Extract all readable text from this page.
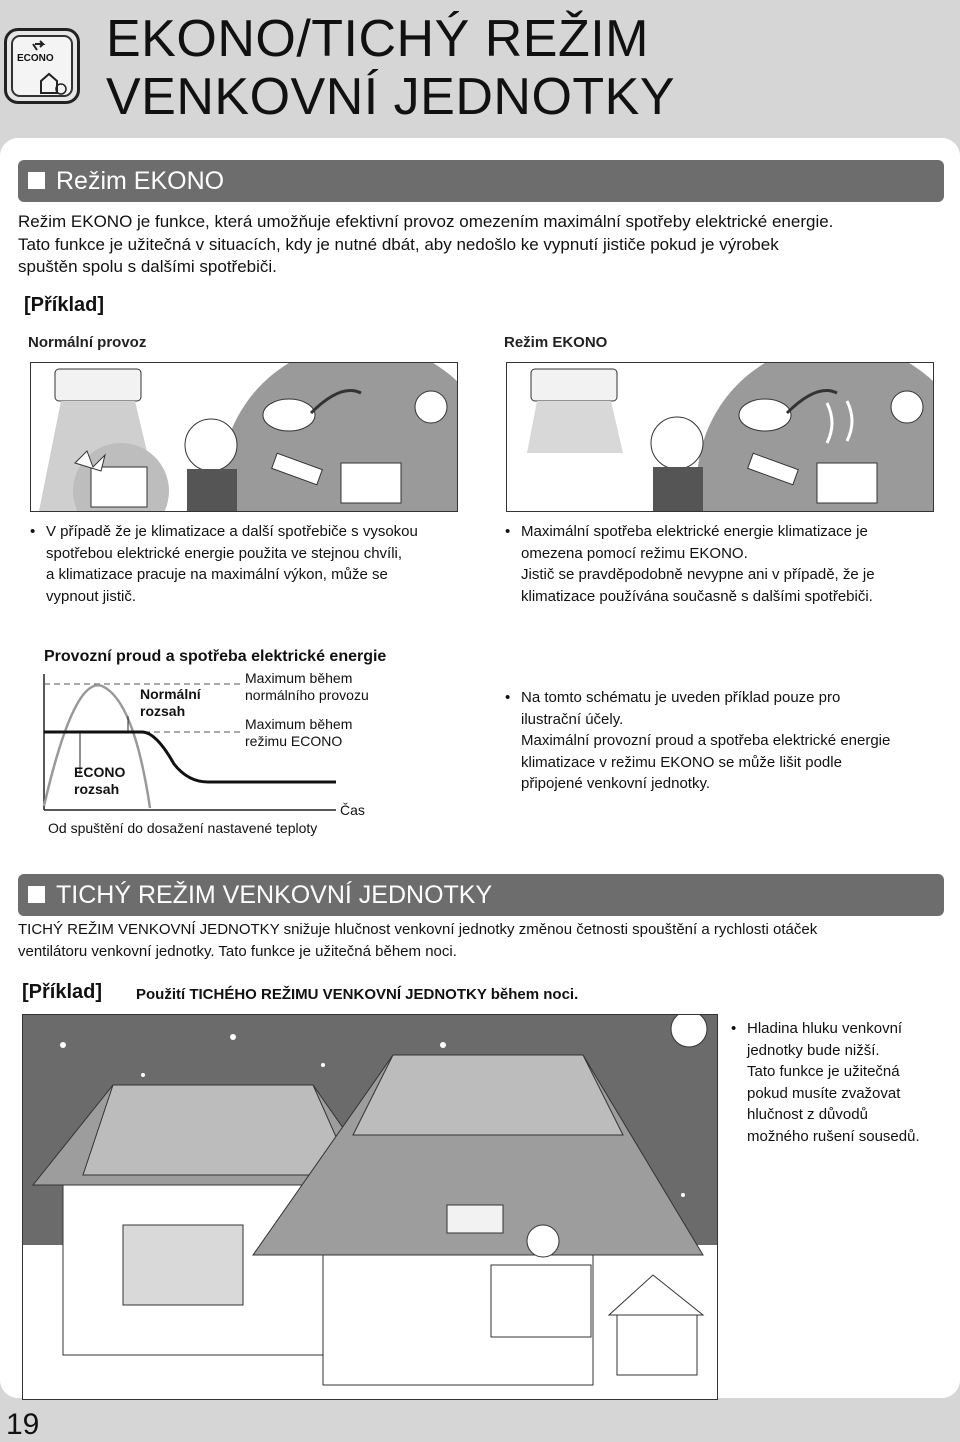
ECONO EKONO/TICHÝ REŽIM
VENKOVNÍ JEDNOTKY
Režim EKONO

Režim EKONO je funkce, která umožňuje efektivní provoz omezením maximální spotřeby elektrické energie.

Tato funkce je užitečná v situacích, kdy je nutné dbát, aby nedošlo ke vypnutí jističe pokud je výrobek

spuštěn spolu s dalšími spotřebiči.

[Příklad]
Normální provoz	Režim EKONO
• V případě že je klimatizace a další spotřebiče s vysokou
spotřebou elektrické energie použita ve stejnou chvíli,
a klimatizace pracuje na maximální výkon, může se
vypnout jistič.
• Maximální spotřeba elektrické energie klimatizace je
omezena pomocí režimu EKONO.
Jistič se pravděpodobně nevypne ani v případě, že je
klimatizace používána současně s dalšími spotřebiči.
Provozní proud a spotřeba elektrické energie
Maximum během
normálního provozu
Maximum během
režimu ECONO
Normální
rozsah
ECONO
rozsah
Čas
Od spuštění do dosažení nastavené teploty
• Na tomto schématu je uveden příklad pouze pro
ilustrační účely.
Maximální provozní proud a spotřeba elektrické energie
klimatizace v režimu EKONO se může lišit podle
připojené venkovní jednotky.
TICHÝ REŽIM VENKOVNÍ JEDNOTKY

TICHÝ REŽIM VENKOVNÍ JEDNOTKY snižuje hlučnost venkovní jednotky změnou četnosti spouštění a rychlosti otáček

ventilátoru venkovní jednotky. Tato funkce je užitečná během noci.

[Příklad] Použití TICHÉHO REŽIMU VENKOVNÍ JEDNOTKY během noci.
• Hladina hluku venkovní
jednotky bude nižší.
Tato funkce je užitečná
pokud musíte zvažovat
hlučnost z důvodů
možného rušení sousedů.
19
